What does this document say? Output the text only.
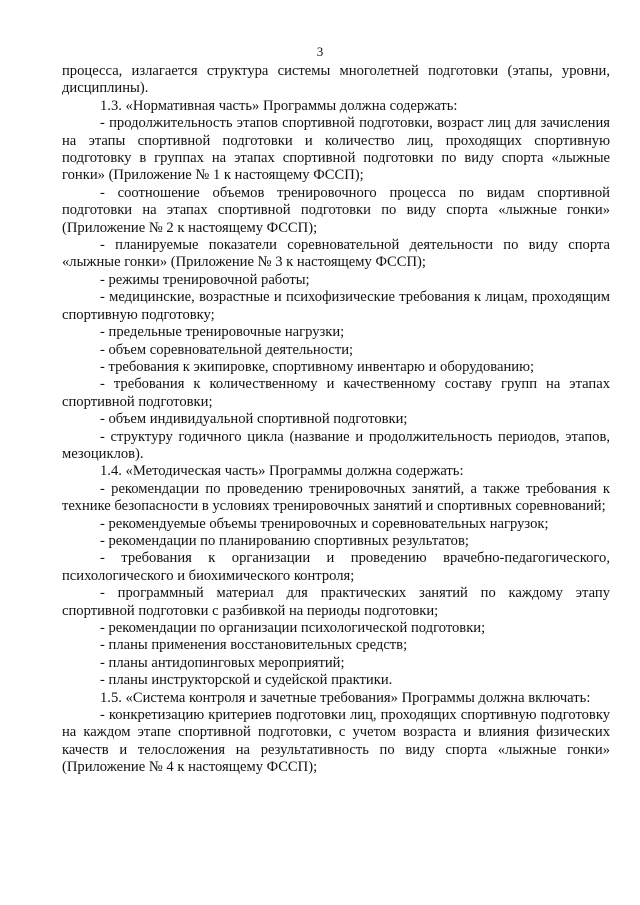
3

процесса, излагается структура системы многолетней подготовки (этапы, уровни, дисциплины).

1.3. «Нормативная часть» Программы должна содержать:

- продолжительность этапов спортивной подготовки, возраст лиц для зачисления на этапы спортивной подготовки и количество лиц, проходящих спортивную подготовку в группах на этапах спортивной подготовки по виду спорта «лыжные гонки» (Приложение № 1 к настоящему ФССП);

- соотношение объемов тренировочного процесса по видам спортивной подготовки на этапах спортивной подготовки по виду спорта «лыжные гонки» (Приложение № 2 к настоящему ФССП);

- планируемые показатели соревновательной деятельности по виду спорта «лыжные гонки» (Приложение № 3 к настоящему ФССП);

- режимы тренировочной работы;

- медицинские, возрастные и психофизические требования к лицам, проходящим спортивную подготовку;

- предельные тренировочные нагрузки;

- объем соревновательной деятельности;

- требования к экипировке, спортивному инвентарю и оборудованию;

- требования к количественному и качественному составу групп на этапах спортивной подготовки;

- объем индивидуальной спортивной подготовки;

- структуру годичного цикла (название и продолжительность периодов, этапов, мезоциклов).

1.4. «Методическая часть» Программы должна содержать:

- рекомендации по проведению тренировочных занятий, а также требования к технике безопасности в условиях тренировочных занятий и спортивных соревнований;

- рекомендуемые объемы тренировочных и соревновательных нагрузок;

- рекомендации по планированию спортивных результатов;

- требования к организации и проведению врачебно-педагогического, психологического и биохимического контроля;

- программный материал для практических занятий по каждому этапу спортивной подготовки с разбивкой на периоды подготовки;

- рекомендации по организации психологической подготовки;

- планы применения восстановительных средств;

- планы антидопинговых мероприятий;

- планы инструкторской и судейской практики.

1.5. «Система контроля и зачетные требования» Программы должна включать:

- конкретизацию критериев подготовки лиц, проходящих спортивную подготовку на каждом этапе спортивной подготовки, с учетом возраста и влияния физических качеств и телосложения на результативность по виду спорта «лыжные гонки» (Приложение № 4 к настоящему ФССП);
